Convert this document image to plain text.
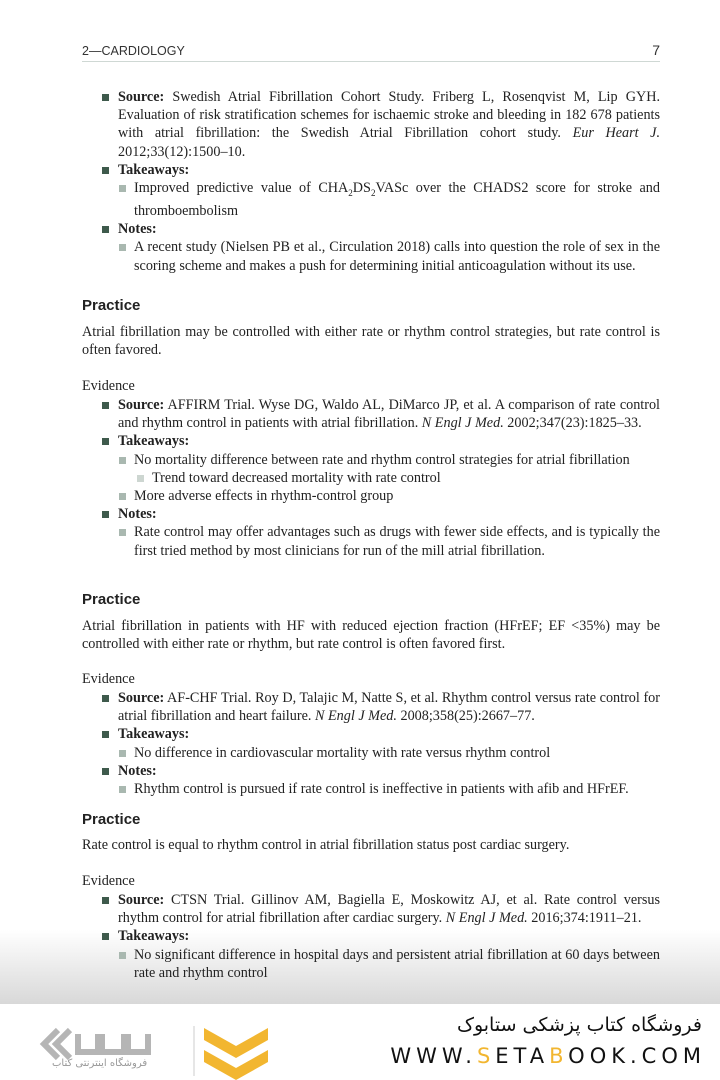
2—CARDIOLOGY	7
Source: Swedish Atrial Fibrillation Cohort Study. Friberg L, Rosenqvist M, Lip GYH. Evaluation of risk stratification schemes for ischaemic stroke and bleeding in 182 678 patients with atrial fibrillation: the Swedish Atrial Fibrillation cohort study. Eur Heart J. 2012;33(12):1500–10.
Takeaways:
Improved predictive value of $CHA_2DS_2VASc$ over the CHADS2 score for stroke and thromboembolism
Notes:
A recent study (Nielsen PB et al., Circulation 2018) calls into question the role of sex in the scoring scheme and makes a push for determining initial anticoagulation without its use.
Practice
Atrial fibrillation may be controlled with either rate or rhythm control strategies, but rate control is often favored.
Evidence
Source: AFFIRM Trial. Wyse DG, Waldo AL, DiMarco JP, et al. A comparison of rate control and rhythm control in patients with atrial fibrillation. N Engl J Med. 2002;347(23):1825–33.
Takeaways:
No mortality difference between rate and rhythm control strategies for atrial fibrillation
Trend toward decreased mortality with rate control
More adverse effects in rhythm-control group
Notes:
Rate control may offer advantages such as drugs with fewer side effects, and is typically the first tried method by most clinicians for run of the mill atrial fibrillation.
Practice
Atrial fibrillation in patients with HF with reduced ejection fraction (HFrEF; EF <35%) may be controlled with either rate or rhythm, but rate control is often favored first.
Evidence
Source: AF-CHF Trial. Roy D, Talajic M, Natte S, et al. Rhythm control versus rate control for atrial fibrillation and heart failure. N Engl J Med. 2008;358(25):2667–77.
Takeaways:
No difference in cardiovascular mortality with rate versus rhythm control
Notes:
Rhythm control is pursued if rate control is ineffective in patients with afib and HFrEF.
Practice
Rate control is equal to rhythm control in atrial fibrillation status post cardiac surgery.
Evidence
Source: CTSN Trial. Gillinov AM, Bagiella E, Moskowitz AJ, et al. Rate control versus rhythm control for atrial fibrillation after cardiac surgery. N Engl J Med. 2016;374:1911–21.
Takeaways:
No significant difference in hospital days and persistent atrial fibrillation at 60 days between rate and rhythm control
فروشگاه اینترنتی کتاب
فروشگاه کتاب پزشکی ستابوک
WWW.SETABOOK.COM
